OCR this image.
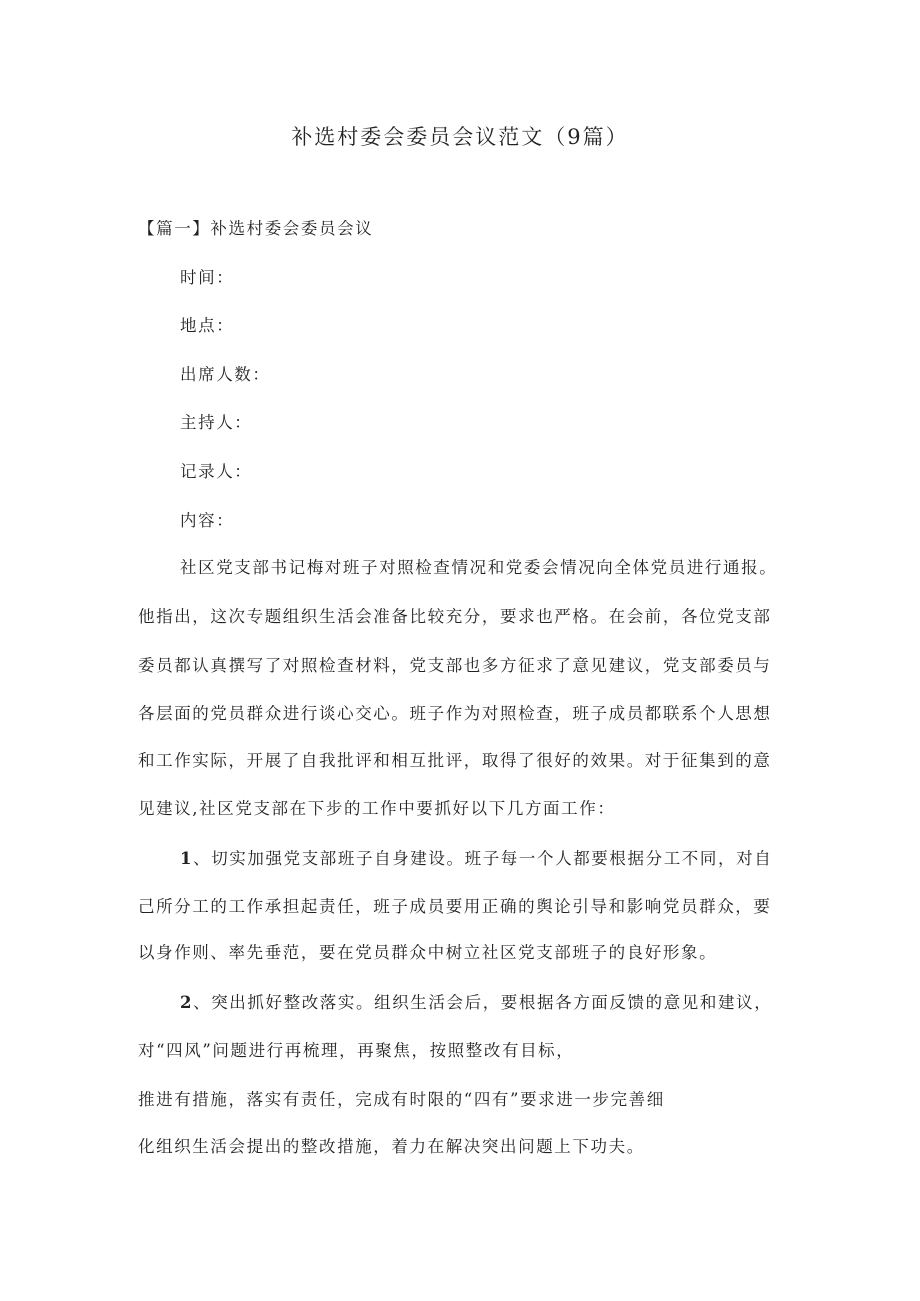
补选村委会委员会议范文（9篇）
【篇一】补选村委会委员会议
时间：
地点：
出席人数：
主持人：
记录人：
内容：
社区党支部书记梅对班子对照检查情况和党委会情况向全体党员进行通报。
他指出，这次专题组织生活会准备比较充分，要求也严格。在会前，各位党支部
委员都认真撰写了对照检查材料，党支部也多方征求了意见建议，党支部委员与
各层面的党员群众进行谈心交心。班子作为对照检查，班子成员都联系个人思想
和工作实际，开展了自我批评和相互批评，取得了很好的效果。对于征集到的意
见建议,社区党支部在下步的工作中要抓好以下几方面工作：
1、切实加强党支部班子自身建设。班子每一个人都要根据分工不同，对自
己所分工的工作承担起责任，班子成员要用正确的舆论引导和影响党员群众，要
以身作则、率先垂范，要在党员群众中树立社区党支部班子的良好形象。
2、突出抓好整改落实。组织生活会后，要根据各方面反馈的意见和建议，
对“四风”问题进行再梳理，再聚焦，按照整改有目标，
推进有措施，落实有责任，完成有时限的“四有”要求进一步完善细
化组织生活会提出的整改措施，着力在解决突出问题上下功夫。
